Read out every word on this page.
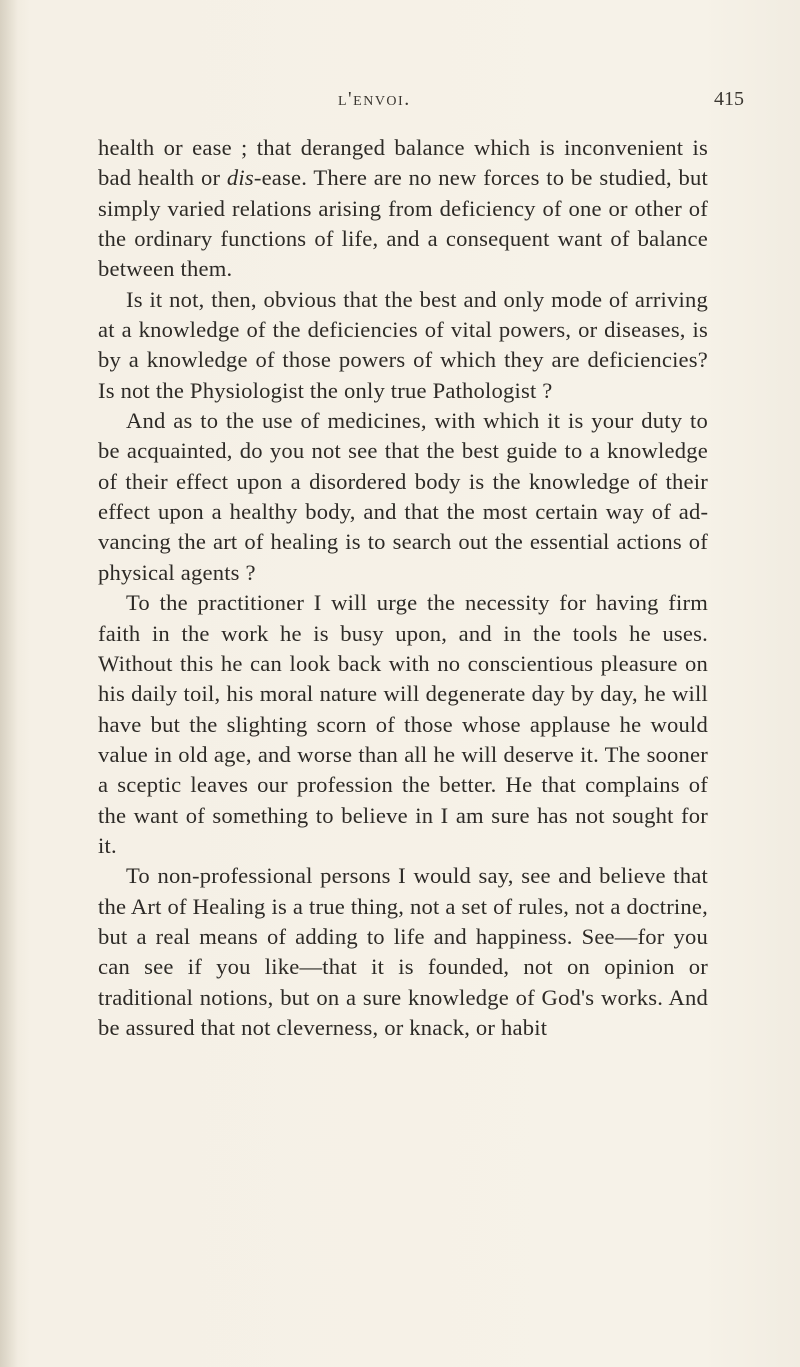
l'envoi.	415

health or ease ; that deranged balance which is inconvenient is bad health or dis-ease. There are no new forces to be studied, but simply varied relations arising from deficiency of one or other of the ordinary functions of life, and a consequent want of balance between them.

Is it not, then, obvious that the best and only mode of arriving at a knowledge of the deficiencies of vital powers, or diseases, is by a knowledge of those powers of which they are deficiencies? Is not the Physiologist the only true Pathologist ?

And as to the use of medicines, with which it is your duty to be acquainted, do you not see that the best guide to a knowledge of their effect upon a disordered body is the knowledge of their effect upon a healthy body, and that the most certain way of advancing the art of healing is to search out the essential actions of physical agents ?

To the practitioner I will urge the necessity for having firm faith in the work he is busy upon, and in the tools he uses. Without this he can look back with no conscientious pleasure on his daily toil, his moral nature will degenerate day by day, he will have but the slighting scorn of those whose applause he would value in old age, and worse than all he will deserve it. The sooner a sceptic leaves our profession the better. He that complains of the want of something to believe in I am sure has not sought for it.

To non-professional persons I would say, see and believe that the Art of Healing is a true thing, not a set of rules, not a doctrine, but a real means of adding to life and happiness. See—for you can see if you like—that it is founded, not on opinion or traditional notions, but on a sure knowledge of God's works. And be assured that not cleverness, or knack, or habit
